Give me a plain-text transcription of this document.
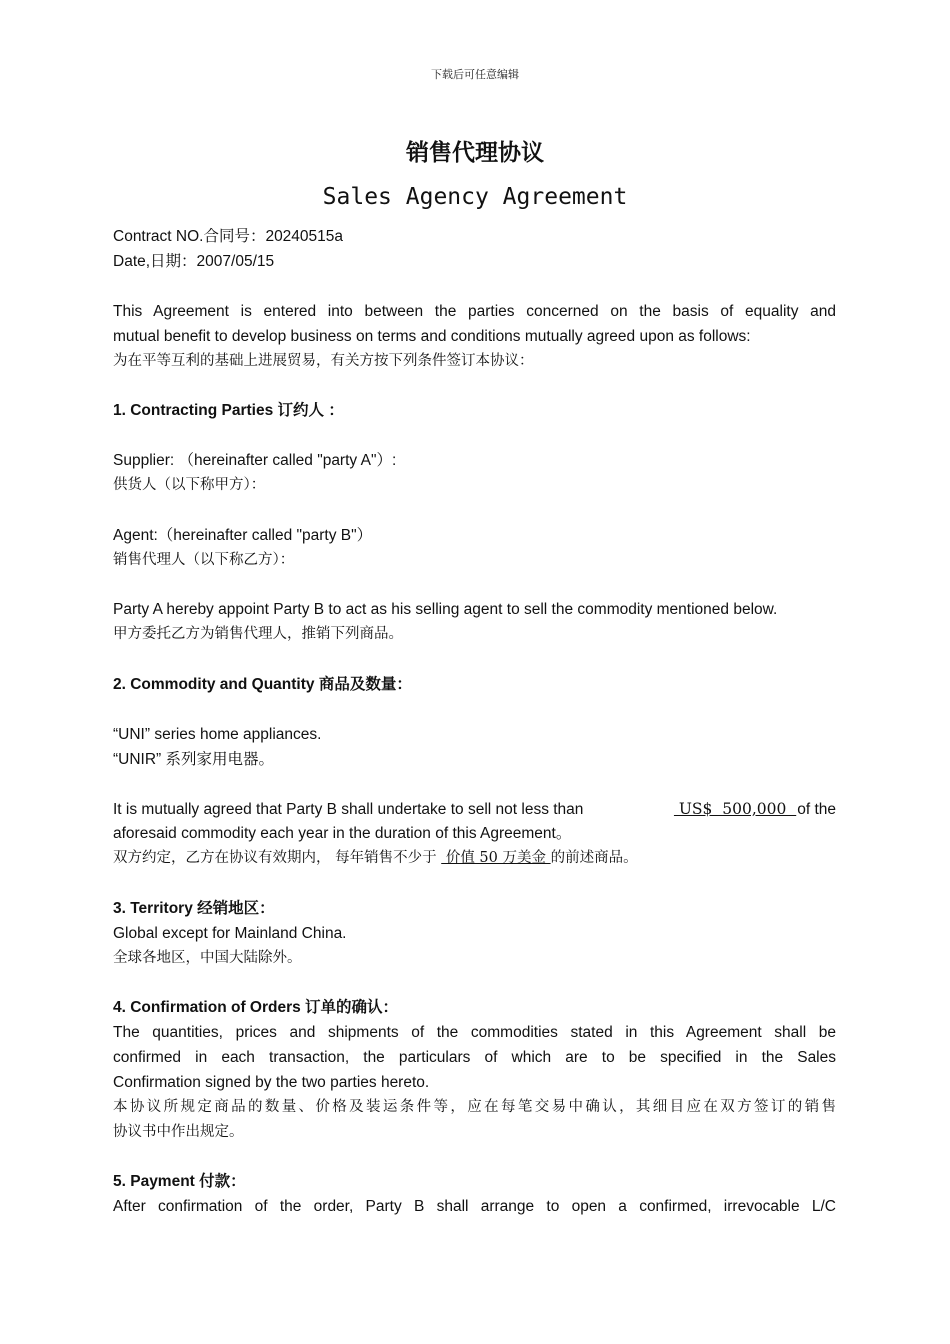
下载后可任意编辑
销售代理协议
Sales Agency Agreement
Contract NO.合同号：20240515a
Date,日期：2007/05/15
This Agreement is entered into between the parties concerned on the basis of equality and
mutual benefit to develop business on terms and conditions mutually agreed upon as follows:
为在平等互利的基础上进展贸易，有关方按下列条件签订本协议：
1. Contracting Parties 订约人 ：
Supplier: （hereinafter called "party A"）:
供货人（以下称甲方）：
Agent:（hereinafter called "party B"）
销售代理人（以下称乙方）：
Party A hereby appoint Party B to act as his selling agent to sell the commodity mentioned below.
甲方委托乙方为销售代理人，推销下列商品。
2. Commodity and Quantity 商品及数量：
“UNI” series home appliances.
“UNIR” 系列家用电器。
It is mutually agreed that Party B shall undertake to sell not less than	US$  500,000 of the
aforesaid commodity each year in the duration of this Agreement。
双方约定，乙方在协议有效期内， 每年销售不少于  价值 50 万美金 的前述商品。
3. Territory 经销地区：
Global except for Mainland China.
全球各地区，中国大陆除外。
4. Confirmation of Orders 订单的确认：
The quantities, prices and shipments of the commodities stated in this Agreement shall be
confirmed in each transaction, the particulars of which are to be specified in the Sales
Confirmation signed by the two parties hereto.
本协议所规定商品的数量、价格及装运条件等，应在每笔交易中确认，其细目应在双方签订的销售
协议书中作出规定。
5. Payment 付款：
After confirmation of the order, Party B shall arrange to open a confirmed, irrevocable L/C
